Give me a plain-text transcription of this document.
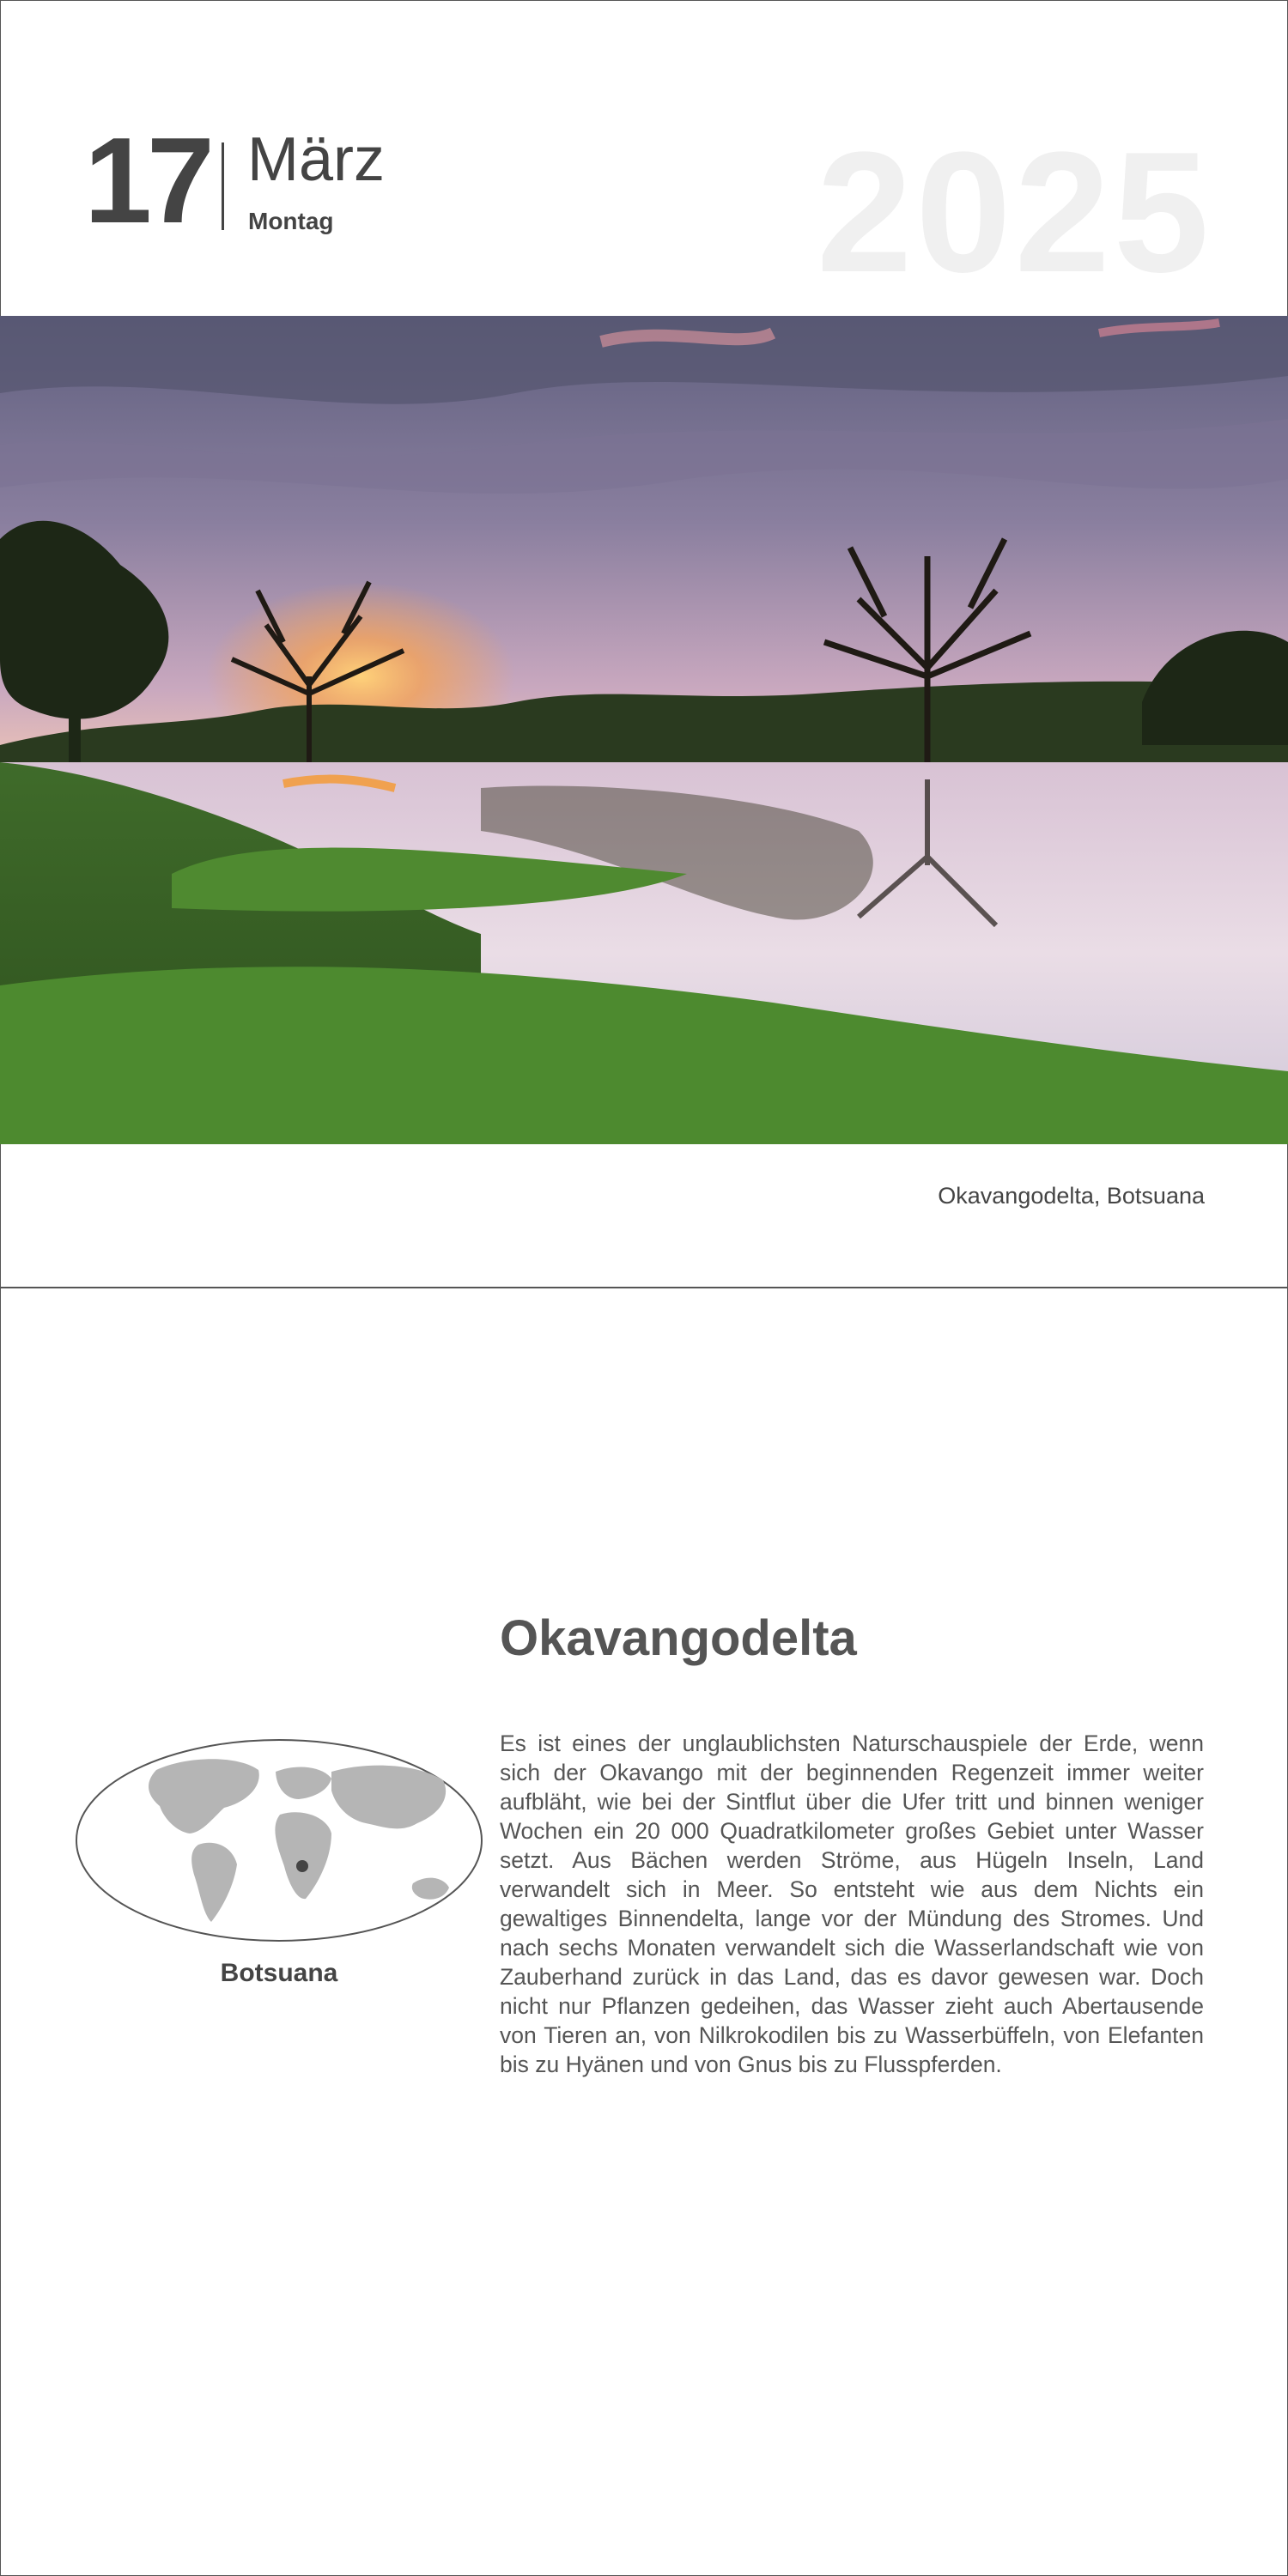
17 März
Montag	2025
Okavangodelta, Botsuana
Okavangodelta

Es ist eines der unglaublichsten Naturschauspiele der Erde, wenn sich der Okavango mit der beginnenden Regenzeit immer weiter aufbläht, wie bei der Sintflut über die Ufer tritt und binnen weniger Wochen ein 20 000 Quadratkilometer großes Gebiet unter Wasser setzt. Aus Bächen werden Ströme, aus Hügeln Inseln, Land verwandelt sich in Meer. So entsteht wie aus dem Nichts ein gewaltiges Binnendelta, lange vor der Mündung des Stromes. Und nach sechs Monaten verwandelt sich die Wasserlandschaft wie von Zauberhand zurück in das Land, das es davor gewesen war. Doch nicht nur Pflanzen gedeihen, das Wasser zieht auch Abertausende von Tieren an, von Nilkrokodilen bis zu Wasserbüffeln, von Elefanten bis zu Hyänen und von Gnus bis zu Flusspferden.

Botsuana
